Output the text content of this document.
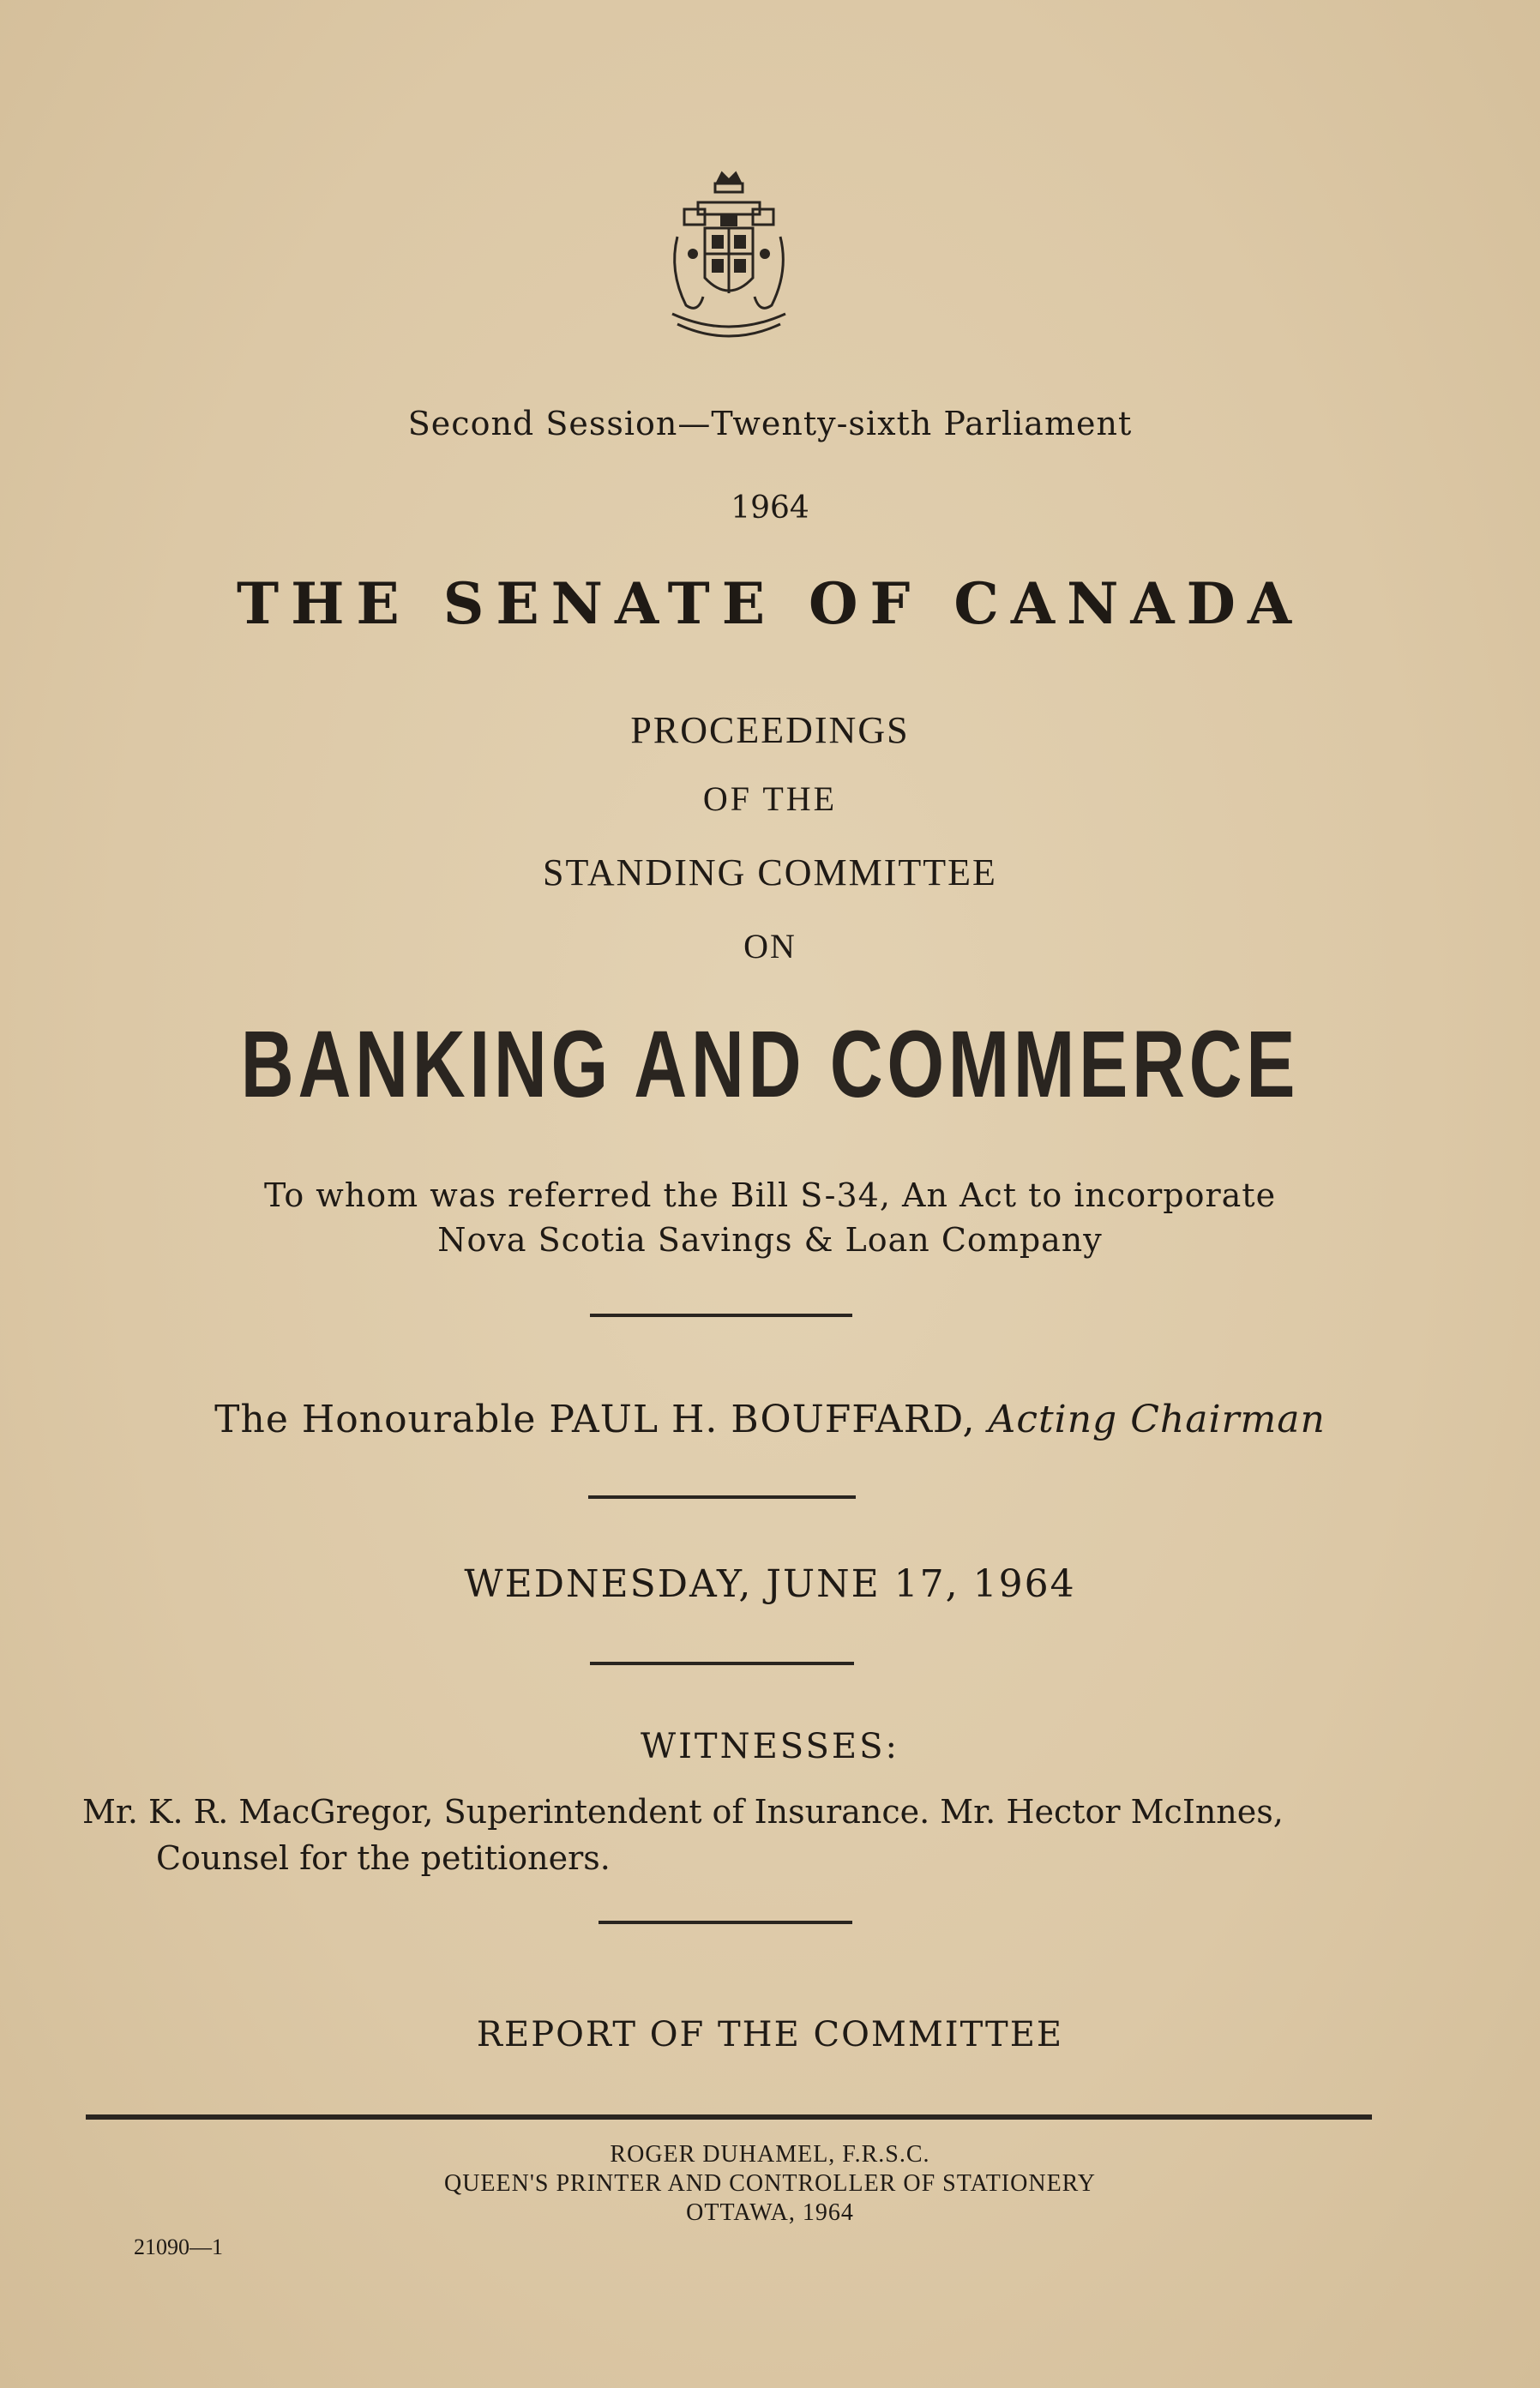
Second Session—Twenty-sixth Parliament
1964
THE SENATE OF CANADA
PROCEEDINGS
OF THE
STANDING COMMITTEE
ON
BANKING AND COMMERCE
To whom was referred the Bill S-34, An Act to incorporate
Nova Scotia Savings & Loan Company
The Honourable PAUL H. BOUFFARD, Acting Chairman
WEDNESDAY, JUNE 17, 1964
WITNESSES:
Mr. K. R. MacGregor, Superintendent of Insurance. Mr. Hector McInnes,
Counsel for the petitioners.
REPORT OF THE COMMITTEE
ROGER DUHAMEL, F.R.S.C.
QUEEN'S PRINTER AND CONTROLLER OF STATIONERY
OTTAWA, 1964
21090—1
